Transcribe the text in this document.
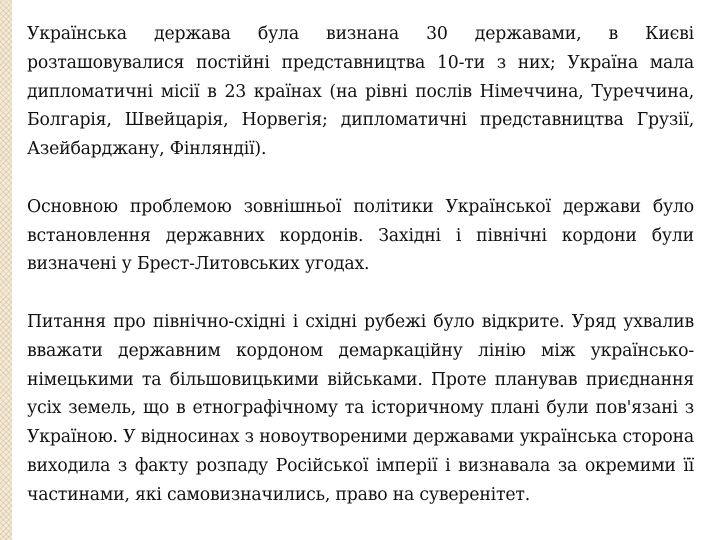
Українська держава була визнана 30 державами, в Києві розташовувалися постійні представництва 10-ти з них; Україна мала дипломатичні місії в 23 країнах (на рівні послів Німеччина, Туреччина, Болгарія, Швейцарія, Норвегія; дипломатичні представництва Грузії, Азейбарджану, Фінляндії).

Основною проблемою зовнішньої політики Української держави було встановлення державних кордонів. Західні і північні кордони були визначені у Брест-Литовських угодах.

Питання про північно-східні і східні рубежі було відкрите. Уряд ухвалив вважати державним кордоном демаркаційну лінію між українсько-німецькими та більшовицькими військами. Проте планував приєднання усіх земель, що в етнографічному та історичному плані були пов'язані з Україною. У відносинах з новоутвореними державами українська сторона виходила з факту розпаду Російської імперії і визнавала за окремими її частинами, які самовизначились, право на суверенітет.
